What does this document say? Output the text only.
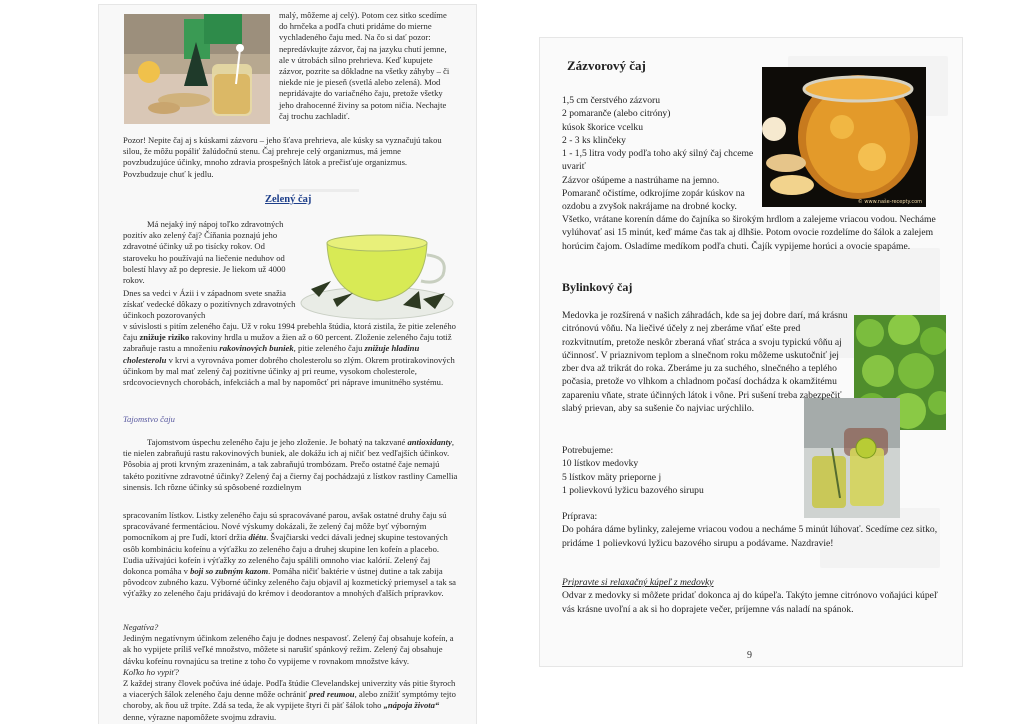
malý, môžeme aj celý). Potom cez sitko scedíme do hrnčeka a podľa chuti pridáme do mierne vychladeného čaju med. Na čo si dať pozor: nepredávkujte zázvor, čaj na jazyku chutí jemne, ale v útrobách silno prehrieva. Keď kupujete zázvor, pozrite sa dôkladne na všetky záhyby – či niekde nie je pieseň (svetlá alebo zelená). Mod nepridávajte do variačného čaju, pretože všetky jeho drahocenné živiny sa potom ničia. Nechajte čaj trochu zachladiť.

Pozor! Nepite čaj aj s kúskami zázvoru – jeho šťava prehrieva, ale kúsky sa vyznačujú takou silou, že môžu popáliť žalúdočnú stenu. Čaj prehreje celý organizmus, má jemne povzbudzujúce účinky, mnoho zdravia prospešných látok a prečisťuje organizmus. Povzbudzuje chuť k jedlu.

Zelený čaj

Má nejaký iný nápoj toľko zdravotných pozitív ako zelený čaj? Číňania poznajú jeho zdravotné účinky už po tisícky rokov. Od staroveku ho používajú na liečenie neduhov od bolestí hlavy až po depresie. Je liekom už 4000 rokov.

Dnes sa vedci v Ázii i v západnom svete snažia získať vedecké dôkazy o pozitívnych zdravotných účinkoch pozorovaných

v súvislosti s pitím zeleného čaju. Už v roku 1994 prebehla štúdia, ktorá zistila, že pitie zeleného čaju znižuje riziko rakoviny hrdla u mužov a žien až o 60 percent. Zloženie zeleného čaju totiž zabraňuje rastu a množeniu rakovinových buniek, pitie zeleného čaju znižuje hladinu cholesterolu v krvi a vyrovnáva pomer dobrého cholesterolu so zlým. Okrem protirakovinových účinkom by mal mať zelený čaj pozitívne účinky aj pri reume, vysokom cholesterole, srdcovocievnych chorobách, infekciách a mal by napomôcť pri náprave imunitného systému.

Tajomstvo čaju

Tajomstvom úspechu zeleného čaju je jeho zloženie. Je bohatý na takzvané antioxidanty, tie nielen zabraňujú rastu rakovinových buniek, ale dokážu ich aj ničiť bez vedľajších účinkov. Pôsobia aj proti krvným zrazeninám, a tak zabraňujú trombózam. Prečo ostatné čaje nemajú takéto pozitívne zdravotné účinky? Zelený čaj a čierny čaj pochádzajú z lístkov rastliny Camellia sinensis. Ich rôzne účinky sú spôsobené rozdielnym

spracovaním lístkov. Listky zeleného čaju sú spracovávané parou, avšak ostatné druhy čaju sú spracovávané fermentáciou. Nové výskumy dokázali, že zelený čaj môže byť výborným pomocníkom aj pre ľudí, ktorí držia diétu. Švajčiarski vedci dávali jednej skupine testovaných osôb kombináciu kofeínu a výťažku zo zeleného čaju a druhej skupine len kofeín a placebo. Ľudia užívajúci kofeín i výťažky zo zeleného čaju spálili omnoho viac kalórií. Zelený čaj dokonca pomáha v boji so zubným kazom. Pomáha ničiť baktérie v ústnej dutine a tak zabija pôvodcov zubného kazu. Výborné účinky zeleného čaju objavil aj kozmetický priemysel a tak sa výťažky zo zeleného čaju pridávajú do krémov i deodorantov a mnohých ďalších prípravkov.

Negatíva?

Jediným negatívnym účinkom zeleného čaju je dodnes nespavosť. Zelený čaj obsahuje kofeín, a ak ho vypijete príliš veľké množstvo, môžete si narušiť spánkový režim. Zelený čaj obsahuje dávku kofeínu rovnajúcu sa tretine z toho čo vypijeme v rovnakom množstve kávy.

Koľko ho vypiť?

Z každej strany človek počúva iné údaje. Podľa štúdie Clevelandskej univerzity vás pitie štyroch a viacerých šálok zeleného čaju denne môže ochrániť pred reumou, alebo znížiť symptómy tejto choroby, ak ňou už trpíte. Zdá sa teda, že ak vypijete štyri či päť šálok toho „nápoja života“ denne, výrazne napomôžete svojmu zdraviu.

Zázvorový čaj
© www.naše-recepty.com

1,5 cm čerstvého zázvoru

2 pomaranče (alebo citróny)

kúsok škorice vcelku

2 - 3 ks klinčeky

1 - 1,5 litra vody podľa toho aký silný čaj chceme uvariť

Zázvor ošúpeme a nastrúhame na jemno. Pomaranč očistíme, odkrojíme zopár kúskov na ozdobu a zvyšok nakrájame na drobné kocky.

Všetko, vrátane korenín dáme do čajníka so širokým hrdlom a zalejeme vriacou vodou. Necháme vylúhovať asi 15 minút, keď máme čas tak aj dlhšie. Potom ovocie rozdelíme do šálok a zalejem horúcim čajom. Osladíme medíkom podľa chuti. Čajík vypijeme horúci a ovocie spapáme.

Bylinkový čaj

Medovka je rozšírená v našich záhradách, kde sa jej dobre darí, má krásnu citrónovú vôňu. Na liečivé účely z nej zberáme vňať ešte pred rozkvitnutím, pretože neskôr zberaná vňať stráca a svoju typickú vôňu aj účinnosť. V priaznivom teplom a slnečnom roku môžeme uskutočniť jej zber dva až trikrát do roka. Zberáme ju za suchého, slnečného a teplého počasia, pretože vo vlhkom a chladnom počasí dochádza k okamžitému zapareniu vňate, strate účinných látok i vône. Pri sušení treba zabezpečiť slabý prievan, aby sa sušenie čo najviac urýchlilo.

Potrebujeme:

10 lístkov medovky

5 lístkov mäty prieporne j

1 polievkovú lyžicu bazového sirupu

Príprava:

Do pohára dáme bylinky, zalejeme vriacou vodou a necháme 5 minút lúhovať. Scedíme cez sitko, pridáme 1 polievkovú lyžicu bazového sirupu a podávame. Nazdravie!

Pripravte si relaxačný kúpeľ z medovky

Odvar z medovky si môžete pridať dokonca aj do kúpeľa. Takýto jemne citrónovo voňajúci kúpeľ vás krásne uvoľní a ak si ho doprajete večer, príjemne vás naladí na spánok.

9
